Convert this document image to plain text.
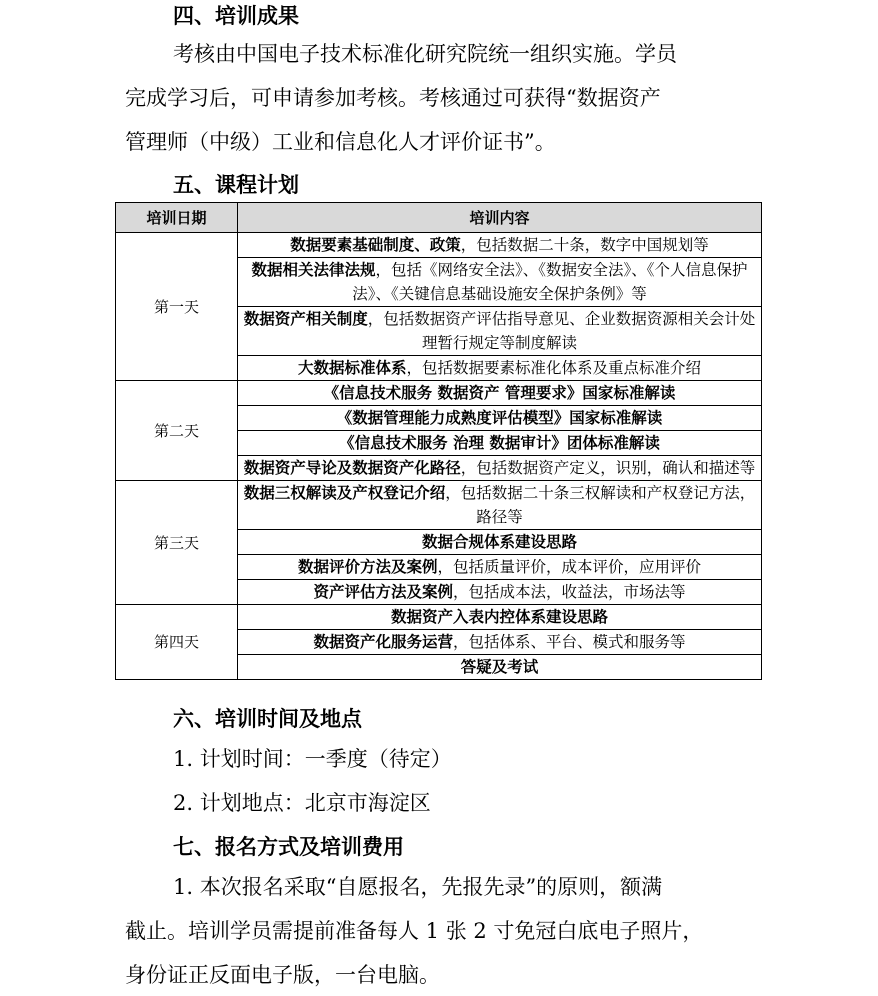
四、培训成果
考核由中国电子技术标准化研究院统一组织实施。学员
完成学习后，可申请参加考核。考核通过可获得“数据资产
管理师（中级）工业和信息化人才评价证书”。
五、课程计划
培训日期	培训内容
第一天	数据要素基础制度、政策，包括数据二十条，数字中国规划等
	数据相关法律法规，包括《网络安全法》、《数据安全法》、《个人信息保护法》、《关键信息基础设施安全保护条例》等
	数据资产相关制度，包括数据资产评估指导意见、企业数据资源相关会计处理暂行规定等制度解读
	大数据标准体系，包括数据要素标准化体系及重点标准介绍
第二天	《信息技术服务 数据资产 管理要求》国家标准解读
	《数据管理能力成熟度评估模型》国家标准解读
	《信息技术服务 治理 数据审计》团体标准解读
	数据资产导论及数据资产化路径，包括数据资产定义，识别，确认和描述等
第三天	数据三权解读及产权登记介绍，包括数据二十条三权解读和产权登记方法，路径等
	数据合规体系建设思路
	数据评价方法及案例，包括质量评价，成本评价，应用评价
	资产评估方法及案例，包括成本法，收益法，市场法等
第四天	数据资产入表内控体系建设思路
	数据资产化服务运营，包括体系、平台、模式和服务等
	答疑及考试
六、培训时间及地点
1. 计划时间：一季度（待定）
2. 计划地点：北京市海淀区
七、报名方式及培训费用
1. 本次报名采取“自愿报名，先报先录”的原则，额满
截止。培训学员需提前准备每人 1 张 2 寸免冠白底电子照片，
身份证正反面电子版，一台电脑。
